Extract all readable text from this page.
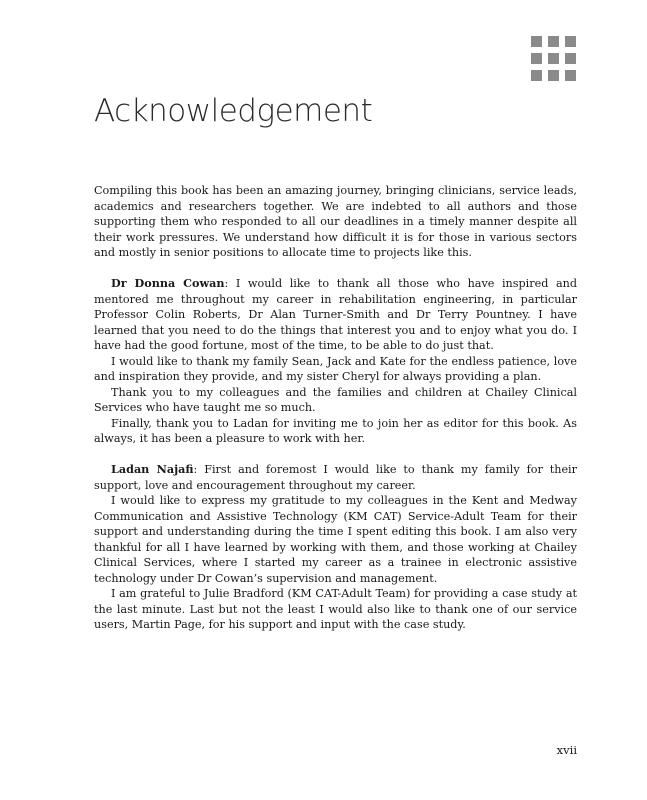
Acknowledgement

Compiling this book has been an amazing journey, bringing clinicians, service leads, academics and researchers together. We are indebted to all authors and those supporting them who responded to all our deadlines in a timely manner despite all their work pressures. We understand how difficult it is for those in various sectors and mostly in senior positions to allocate time to projects like this.

Dr Donna Cowan: I would like to thank all those who have inspired and mentored me throughout my career in rehabilitation engineering, in particular Professor Colin Roberts, Dr Alan Turner-Smith and Dr Terry Pountney. I have learned that you need to do the things that interest you and to enjoy what you do. I have had the good fortune, most of the time, to be able to do just that.

I would like to thank my family Sean, Jack and Kate for the endless patience, love and inspiration they provide, and my sister Cheryl for always providing a plan.

Thank you to my colleagues and the families and children at Chailey Clinical Services who have taught me so much.

Finally, thank you to Ladan for inviting me to join her as editor for this book. As always, it has been a pleasure to work with her.

Ladan Najafi: First and foremost I would like to thank my family for their support, love and encouragement throughout my career.

I would like to express my gratitude to my colleagues in the Kent and Medway Communication and Assistive Technology (KM CAT) Service-Adult Team for their support and understanding during the time I spent editing this book. I am also very thankful for all I have learned by working with them, and those working at Chailey Clinical Services, where I started my career as a trainee in electronic assistive technology under Dr Cowan’s supervision and management.

I am grateful to Julie Bradford (KM CAT-Adult Team) for providing a case study at the last minute. Last but not the least I would also like to thank one of our service users, Martin Page, for his support and input with the case study.

xvii
